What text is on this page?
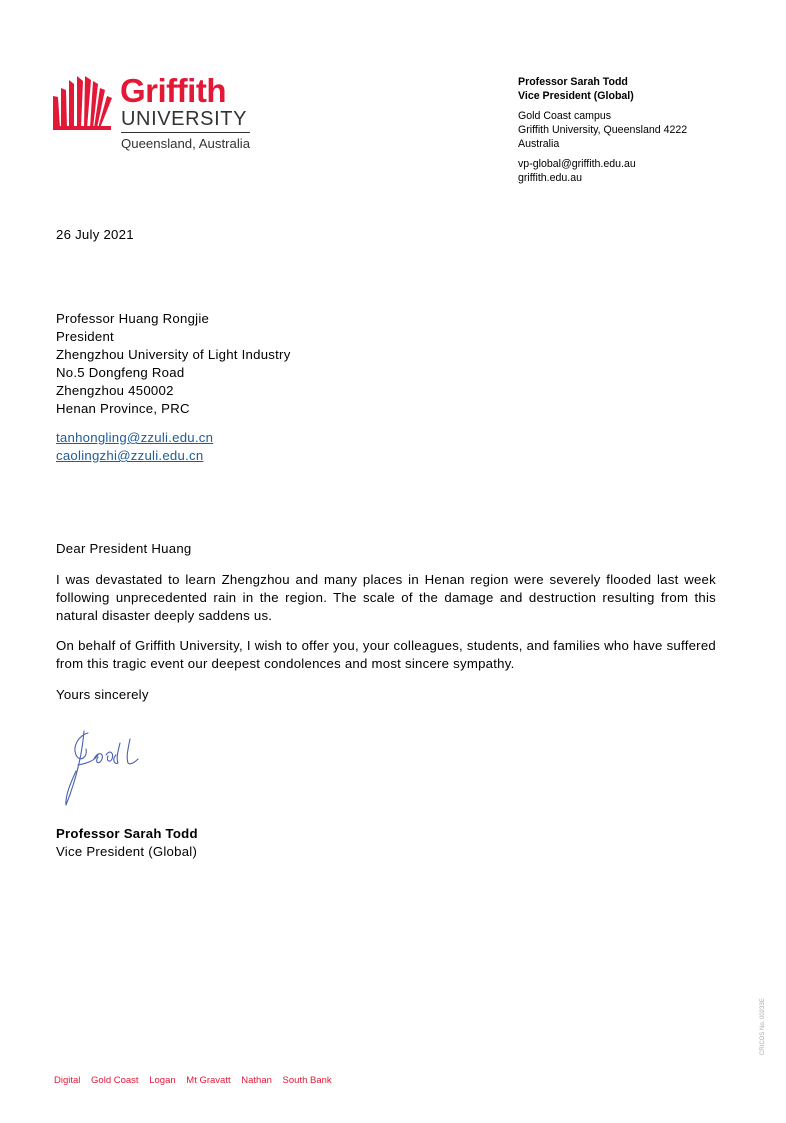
Griffith
UNIVERSITY
Queensland, Australia
Professor Sarah Todd
Vice President (Global)
Gold Coast campus
Griffith University, Queensland 4222
Australia
vp-global@griffith.edu.au
griffith.edu.au
26 July 2021
Professor Huang Rongjie
President
Zhengzhou University of Light Industry
No.5 Dongfeng Road
Zhengzhou 450002
Henan Province, PRC
tanhongling@zzuli.edu.cn
caolingzhi@zzuli.edu.cn
Dear President Huang
I was devastated to learn Zhengzhou and many places in Henan region were severely flooded last week following unprecedented rain in the region. The scale of the damage and destruction resulting from this natural disaster deeply saddens us.
On behalf of Griffith University, I wish to offer you, your colleagues, students, and families who have suffered from this tragic event our deepest condolences and most sincere sympathy.
Yours sincerely
Professor Sarah Todd
Vice President (Global)
Digital Gold Coast Logan Mt Gravatt Nathan South Bank
CRICOS No. 00233E
